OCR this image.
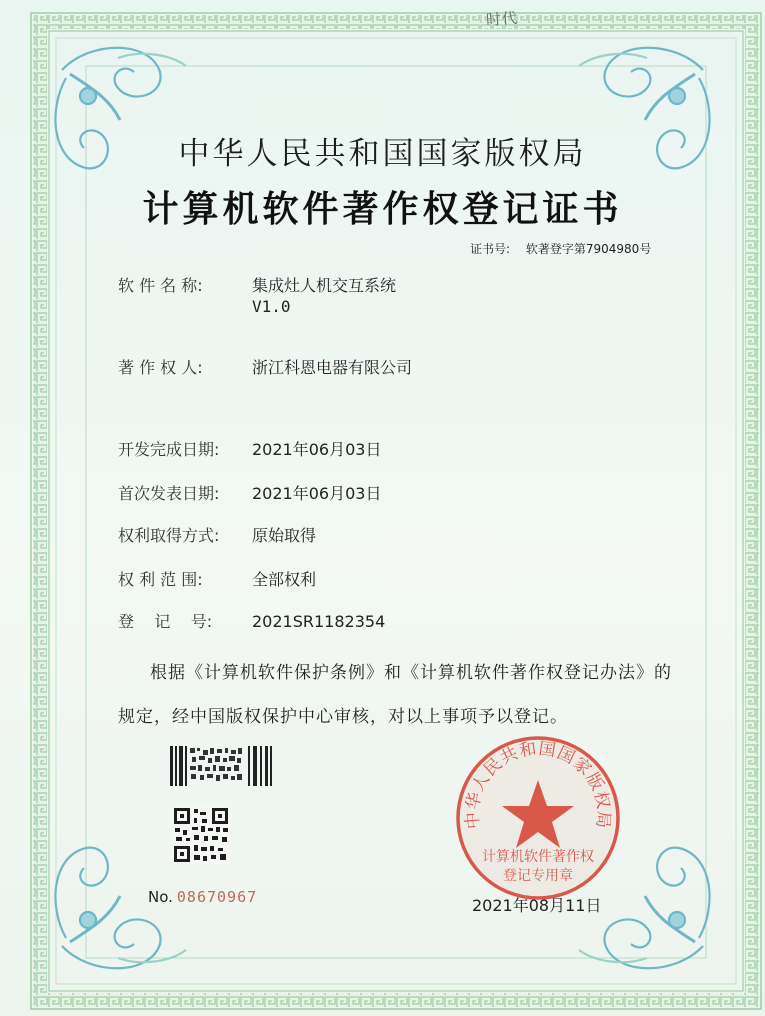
时代
中华人民共和国国家版权局
计算机软件著作权登记证书
证书号: 软著登字第7904980号
软 件 名 称:	集成灶人机交互系统
V1.0
著 作 权 人:	浙江科恩电器有限公司
开发完成日期: 2021年06月03日
首次发表日期: 2021年06月03日
权利取得方式: 原始取得
权 利 范 围:	全部权利
登    记    号: 2021SR1182354
根据《计算机软件保护条例》和《计算机软件著作权登记办法》的
规定，经中国版权保护中心审核，对以上事项予以登记。
No. 08670967
中华人民共和国国家版权局
计算机软件著作权
登记专用章
2021年08月11日
